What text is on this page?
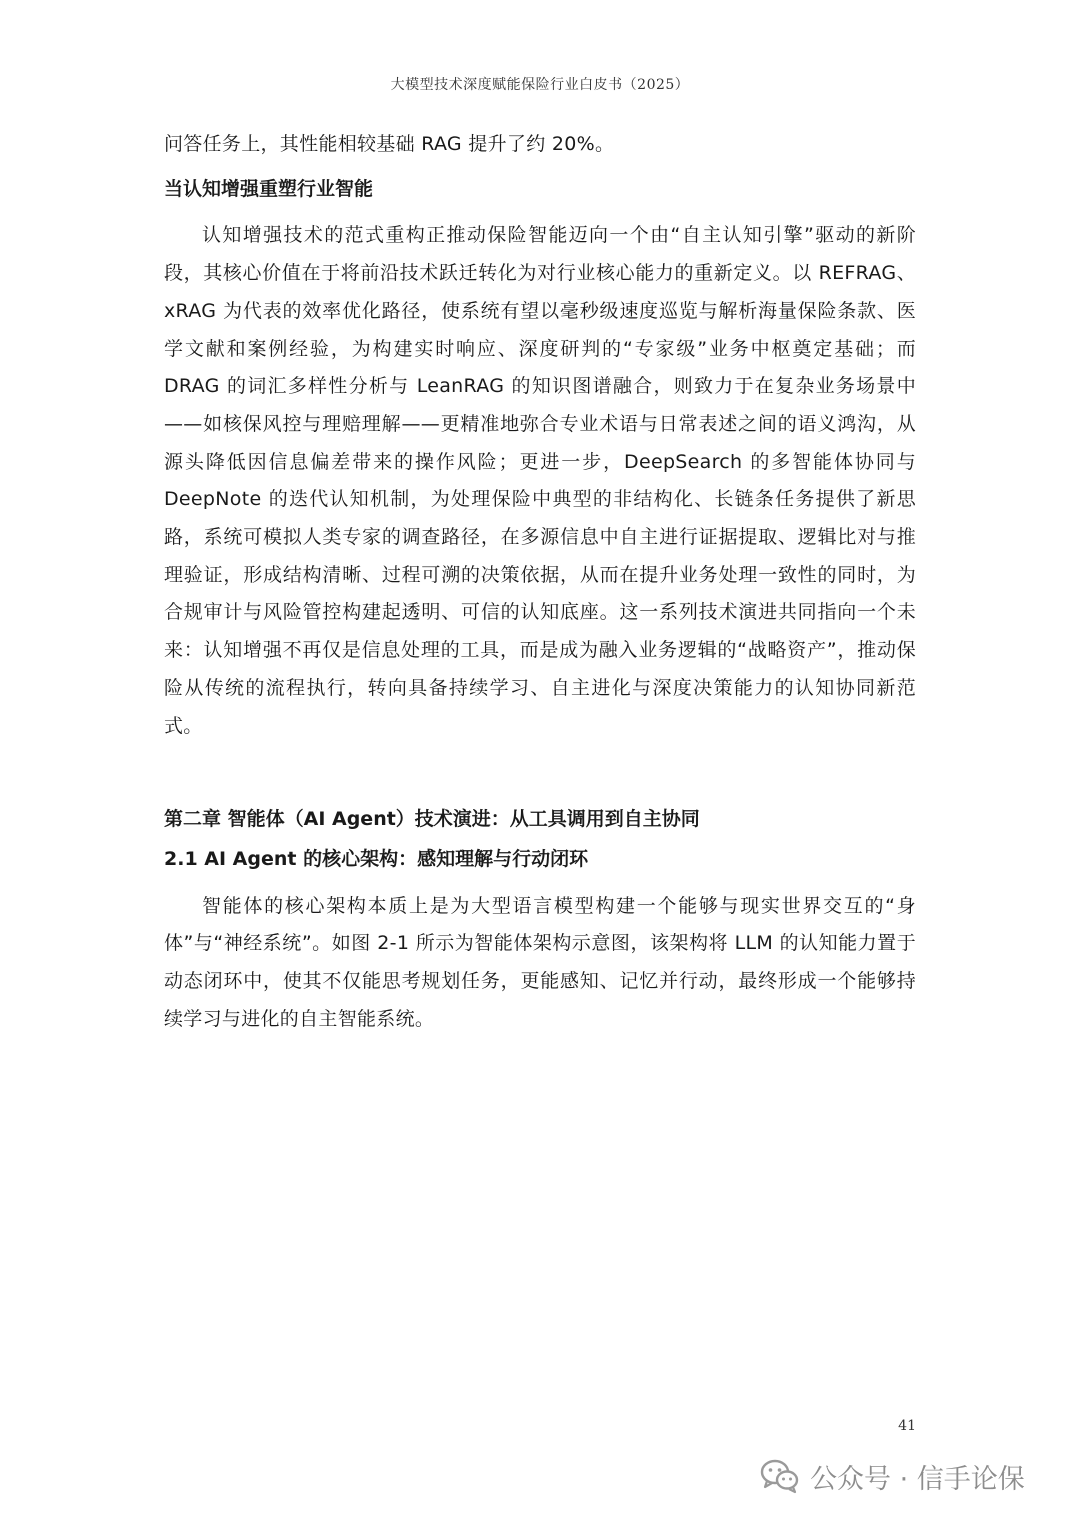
大模型技术深度赋能保险行业白皮书（2025）

问答任务上，其性能相较基础 RAG 提升了约 20%。

当认知增强重塑行业智能

认知增强技术的范式重构正推动保险智能迈向一个由“自主认知引擎”驱动的新阶段，其核心价值在于将前沿技术跃迁转化为对行业核心能力的重新定义。以 REFRAG、xRAG 为代表的效率优化路径，使系统有望以毫秒级速度巡览与解析海量保险条款、医学文献和案例经验，为构建实时响应、深度研判的“专家级”业务中枢奠定基础；而 DRAG 的词汇多样性分析与 LeanRAG 的知识图谱融合，则致力于在复杂业务场景中——如核保风控与理赔理解——更精准地弥合专业术语与日常表述之间的语义鸿沟，从源头降低因信息偏差带来的操作风险；更进一步，DeepSearch 的多智能体协同与 DeepNote 的迭代认知机制，为处理保险中典型的非结构化、长链条任务提供了新思路，系统可模拟人类专家的调查路径，在多源信息中自主进行证据提取、逻辑比对与推理验证，形成结构清晰、过程可溯的决策依据，从而在提升业务处理一致性的同时，为合规审计与风险管控构建起透明、可信的认知底座。这一系列技术演进共同指向一个未来：认知增强不再仅是信息处理的工具，而是成为融入业务逻辑的“战略资产”，推动保险从传统的流程执行，转向具备持续学习、自主进化与深度决策能力的认知协同新范式。

第二章 智能体（AI Agent）技术演进：从工具调用到自主协同

2.1 AI Agent 的核心架构：感知理解与行动闭环

智能体的核心架构本质上是为大型语言模型构建一个能够与现实世界交互的“身体”与“神经系统”。如图 2-1 所示为智能体架构示意图，该架构将 LLM 的认知能力置于动态闭环中，使其不仅能思考规划任务，更能感知、记忆并行动，最终形成一个能够持续学习与进化的自主智能系统。

41
公众号 · 信手论保
